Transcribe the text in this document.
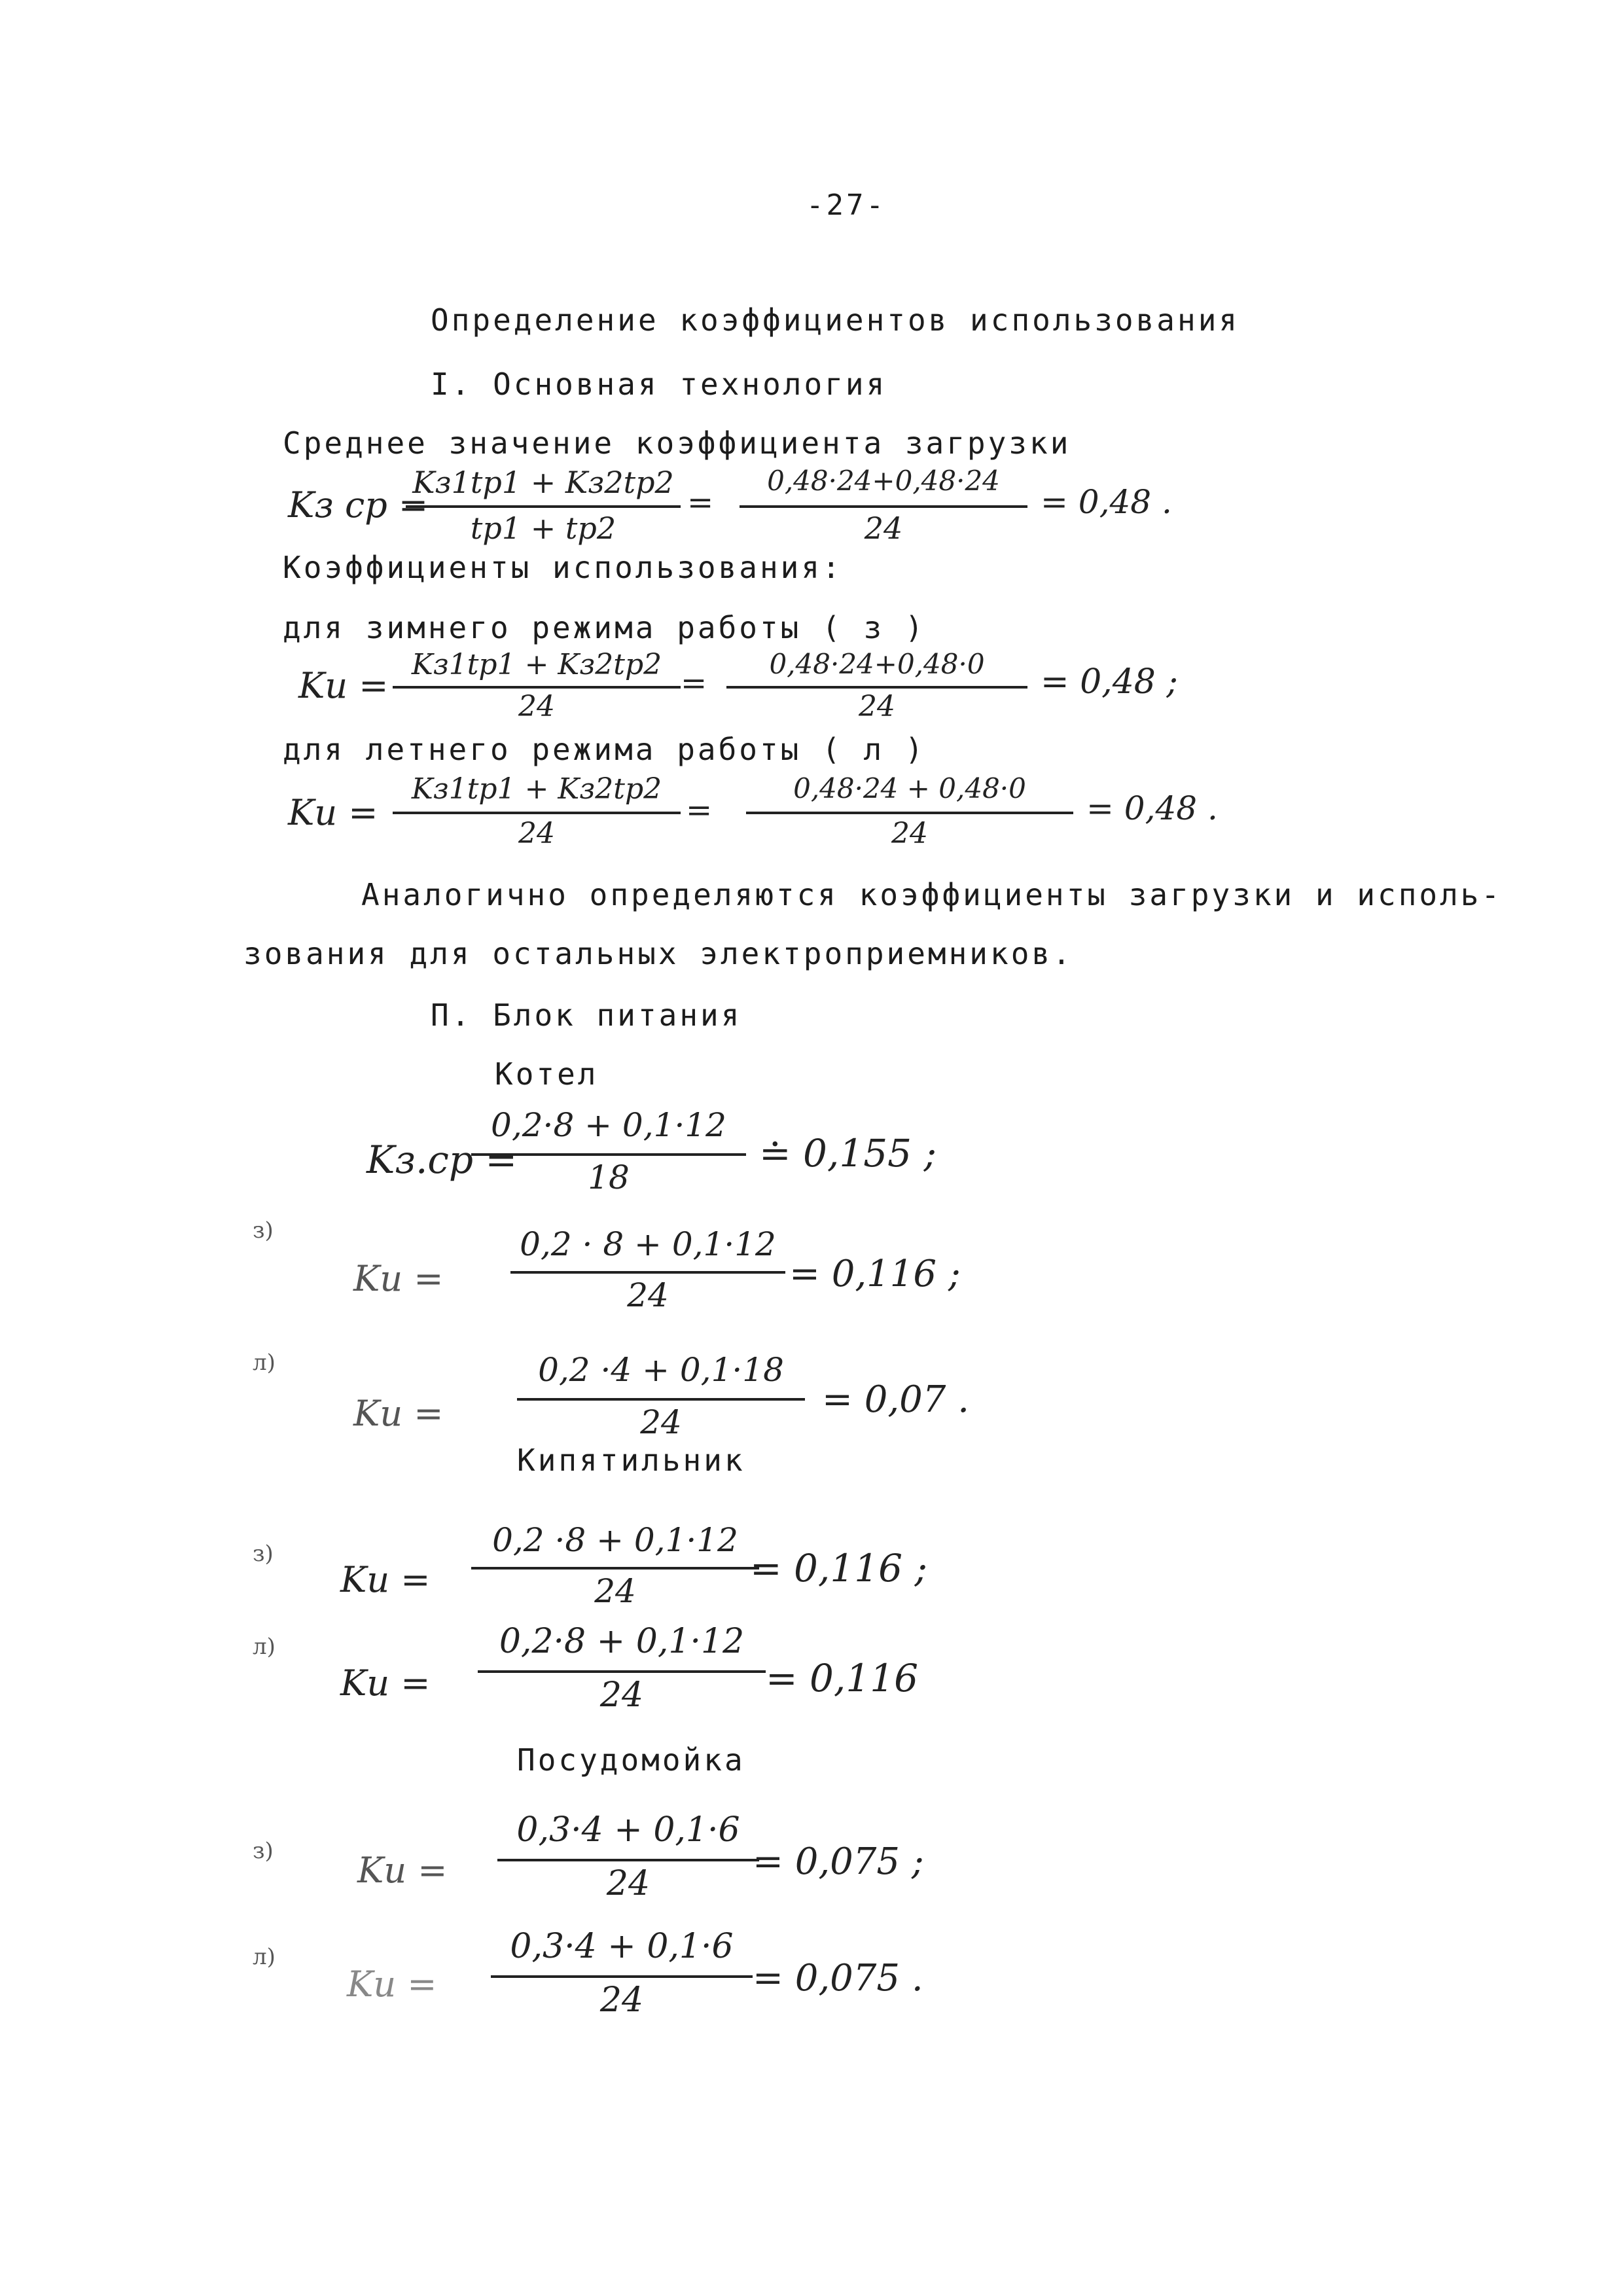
-27-
Определение коэффициентов использования
I. Основная технология
Среднее значение коэффициента загрузки
Kз ср =
Kз1tр1 + Kз2tр2
tр1 + tр2
=
0,48·24+0,48·24
24
= 0,48 .
Коэффициенты использования:
для зимнего режима работы ( з )
Kи =
Kз1tр1 + Kз2tр2
24
=
0,48·24+0,48·0
24
= 0,48 ;
для летнего режима работы ( л )
Kи =
Kз1tр1 + Kз2tр2
24
=
0,48·24 + 0,48·0
24
= 0,48 .
Аналогично определяются коэффициенты загрузки и исполь-
зования для остальных электроприемников.
П. Блок питания
Котел
Kз.ср =
0,2·8 + 0,1·12
18
≐ 0,155 ;
з)
Kи =
0,2 · 8 + 0,1·12
24	= 0,116 ;
л)
Kи =
0,2 ·4 + 0,1·18
24
= 0,07 .
Кипятильник
з)
Kи =
0,2 ·8 + 0,1·12
24
= 0,116 ;
л)
Kи =
0,2·8 + 0,1·12
24	= 0,116
Посудомойка
з) Kи =
0,3·4 + 0,1·6
24
= 0,075 ;
л)
Kи =
0,3·4 + 0,1·6
24
= 0,075 .
